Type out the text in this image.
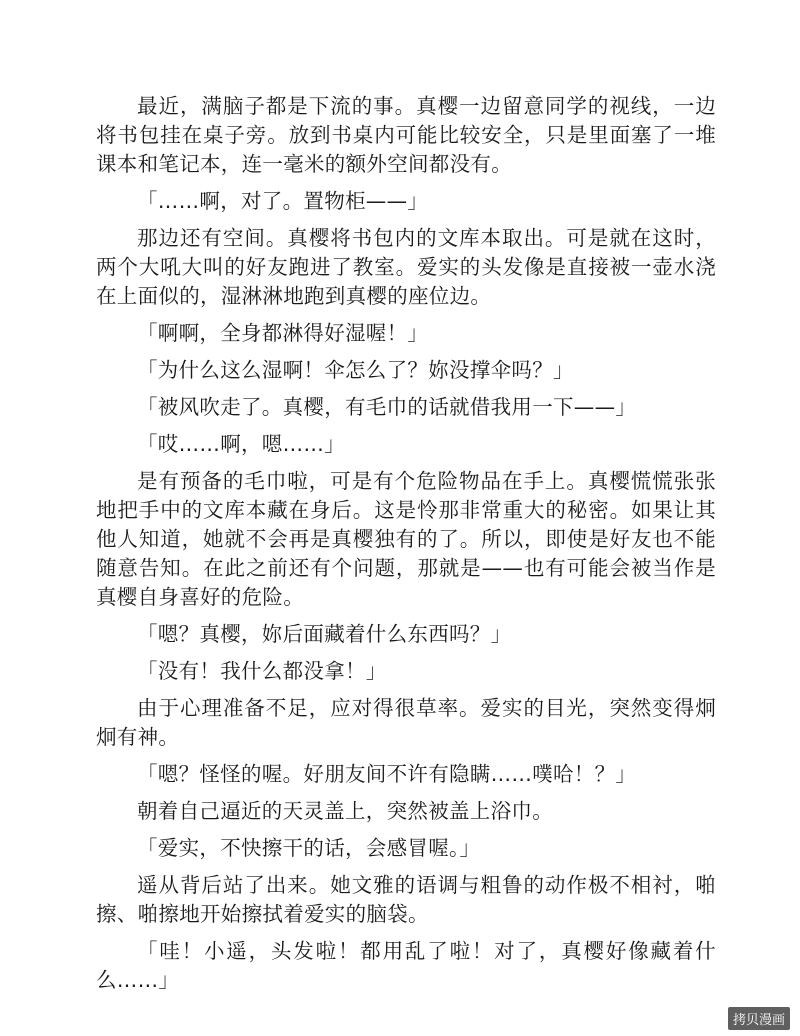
最近，满脑子都是下流的事。真樱一边留意同学的视线，一边将书包挂在桌子旁。放到书桌内可能比较安全，只是里面塞了一堆课本和笔记本，连一毫米的额外空间都没有。

「……啊，对了。置物柜——」

那边还有空间。真樱将书包内的文库本取出。可是就在这时，两个大吼大叫的好友跑进了教室。爱实的头发像是直接被一壶水浇在上面似的，湿淋淋地跑到真樱的座位边。

「啊啊，全身都淋得好湿喔！」

「为什么这么湿啊！伞怎么了？妳没撑伞吗？」

「被风吹走了。真樱，有毛巾的话就借我用一下——」

「哎……啊，嗯……」

是有预备的毛巾啦，可是有个危险物品在手上。真樱慌慌张张地把手中的文库本藏在身后。这是怜那非常重大的秘密。如果让其他人知道，她就不会再是真樱独有的了。所以，即使是好友也不能随意告知。在此之前还有个问题，那就是——也有可能会被当作是真樱自身喜好的危险。

「嗯？真樱，妳后面藏着什么东西吗？」

「没有！我什么都没拿！」

由于心理准备不足，应对得很草率。爱实的目光，突然变得炯炯有神。

「嗯？怪怪的喔。好朋友间不许有隐瞒……噗哈！？」

朝着自己逼近的天灵盖上，突然被盖上浴巾。

「爱实，不快擦干的话，会感冒喔。」

遥从背后站了出来。她文雅的语调与粗鲁的动作极不相衬，啪擦、啪擦地开始擦拭着爱实的脑袋。

「哇！小遥，头发啦！都用乱了啦！对了，真樱好像藏着什么……」

拷贝漫画
